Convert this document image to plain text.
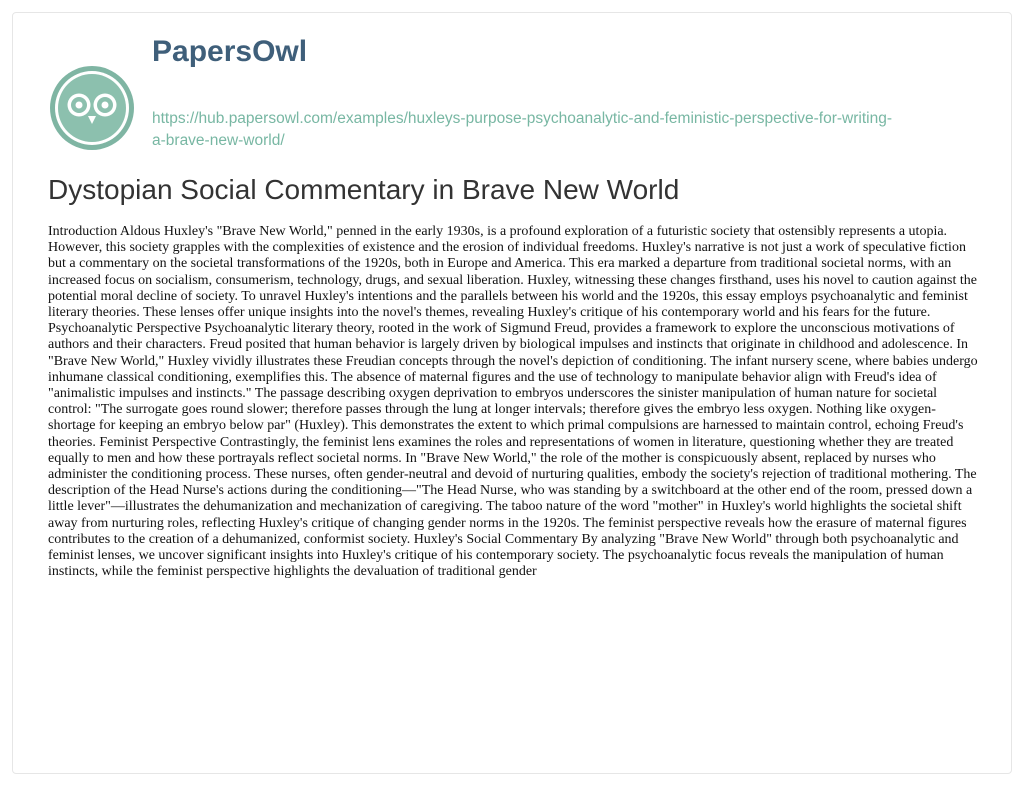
PapersOwl
https://hub.papersowl.com/examples/huxleys-purpose-psychoanalytic-and-feministic-perspective-for-writing-a-brave-new-world/
Dystopian Social Commentary in Brave New World

Introduction Aldous Huxley's "Brave New World," penned in the early 1930s, is a profound exploration of a futuristic society that ostensibly represents a utopia. However, this society grapples with the complexities of existence and the erosion of individual freedoms. Huxley's narrative is not just a work of speculative fiction but a commentary on the societal transformations of the 1920s, both in Europe and America. This era marked a departure from traditional societal norms, with an increased focus on socialism, consumerism, technology, drugs, and sexual liberation. Huxley, witnessing these changes firsthand, uses his novel to caution against the potential moral decline of society. To unravel Huxley's intentions and the parallels between his world and the 1920s, this essay employs psychoanalytic and feminist literary theories. These lenses offer unique insights into the novel's themes, revealing Huxley's critique of his contemporary world and his fears for the future. Psychoanalytic Perspective Psychoanalytic literary theory, rooted in the work of Sigmund Freud, provides a framework to explore the unconscious motivations of authors and their characters. Freud posited that human behavior is largely driven by biological impulses and instincts that originate in childhood and adolescence. In "Brave New World," Huxley vividly illustrates these Freudian concepts through the novel's depiction of conditioning. The infant nursery scene, where babies undergo inhumane classical conditioning, exemplifies this. The absence of maternal figures and the use of technology to manipulate behavior align with Freud's idea of "animalistic impulses and instincts." The passage describing oxygen deprivation to embryos underscores the sinister manipulation of human nature for societal control: "The surrogate goes round slower; therefore passes through the lung at longer intervals; therefore gives the embryo less oxygen. Nothing like oxygen-shortage for keeping an embryo below par" (Huxley). This demonstrates the extent to which primal compulsions are harnessed to maintain control, echoing Freud's theories. Feminist Perspective Contrastingly, the feminist lens examines the roles and representations of women in literature, questioning whether they are treated equally to men and how these portrayals reflect societal norms. In "Brave New World," the role of the mother is conspicuously absent, replaced by nurses who administer the conditioning process. These nurses, often gender-neutral and devoid of nurturing qualities, embody the society's rejection of traditional mothering. The description of the Head Nurse's actions during the conditioning—"The Head Nurse, who was standing by a switchboard at the other end of the room, pressed down a little lever"—illustrates the dehumanization and mechanization of caregiving. The taboo nature of the word "mother" in Huxley's world highlights the societal shift away from nurturing roles, reflecting Huxley's critique of changing gender norms in the 1920s. The feminist perspective reveals how the erasure of maternal figures contributes to the creation of a dehumanized, conformist society. Huxley's Social Commentary By analyzing "Brave New World" through both psychoanalytic and feminist lenses, we uncover significant insights into Huxley's critique of his contemporary society. The psychoanalytic focus reveals the manipulation of human instincts, while the feminist perspective highlights the devaluation of traditional gender
